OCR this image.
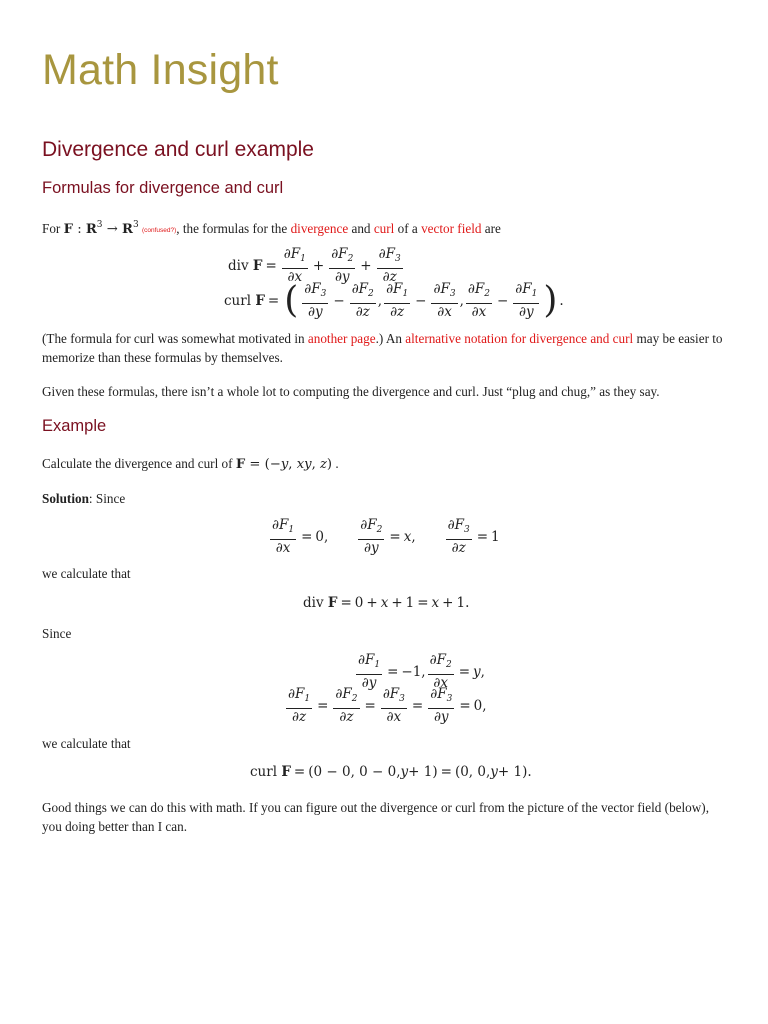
Math Insight
Divergence and curl example
Formulas for divergence and curl
For F : $R^3 \to R^3$ (confused?), the formulas for the divergence and curl of a vector field are
div $F = \frac{\partial F_1}{\partial x} + \frac{\partial F_2}{\partial y} + \frac{\partial F_3}{\partial z}$
curl F = ( $\frac{\partial F_3}{\partial y} - \frac{\partial F_2}{\partial z}$ , $\frac{\partial F_1}{\partial z} - \frac{\partial F_3}{\partial x}$ , $\frac{\partial F_2}{\partial x} - \frac{\partial F_1}{\partial y}$ ) .
(The formula for curl was somewhat motivated in another page.) An alternative notation for divergence and curl may be easier to memorize than these formulas by themselves.
Given these formulas, there isn’t a whole lot to computing the divergence and curl. Just “plug and chug,” as they say.
Example
Calculate the divergence and curl of F = (−y, xy, z) .
Solution: Since
$\frac{\partial F_1}{\partial x} = 0$, $\frac{\partial F_2}{\partial y} = x$ , $\frac{\partial F_3}{\partial z} = 1$
we calculate that
div F = 0 + x + 1 = x + 1.
Since
$\frac{\partial F_1}{\partial y} = -1$, $\frac{\partial F_2}{\partial x} = y$ ,
$\frac{\partial F_1}{\partial z} = \frac{\partial F_2}{\partial z} = \frac{\partial F_3}{\partial x} = \frac{\partial F_3}{\partial y} = 0$,
we calculate that
curl F = (0 − 0, 0 − 0, y + 1) = (0, 0, y + 1).
Good things we can do this with math. If you can figure out the divergence or curl from the picture of the vector field (below), you doing better than I can.
